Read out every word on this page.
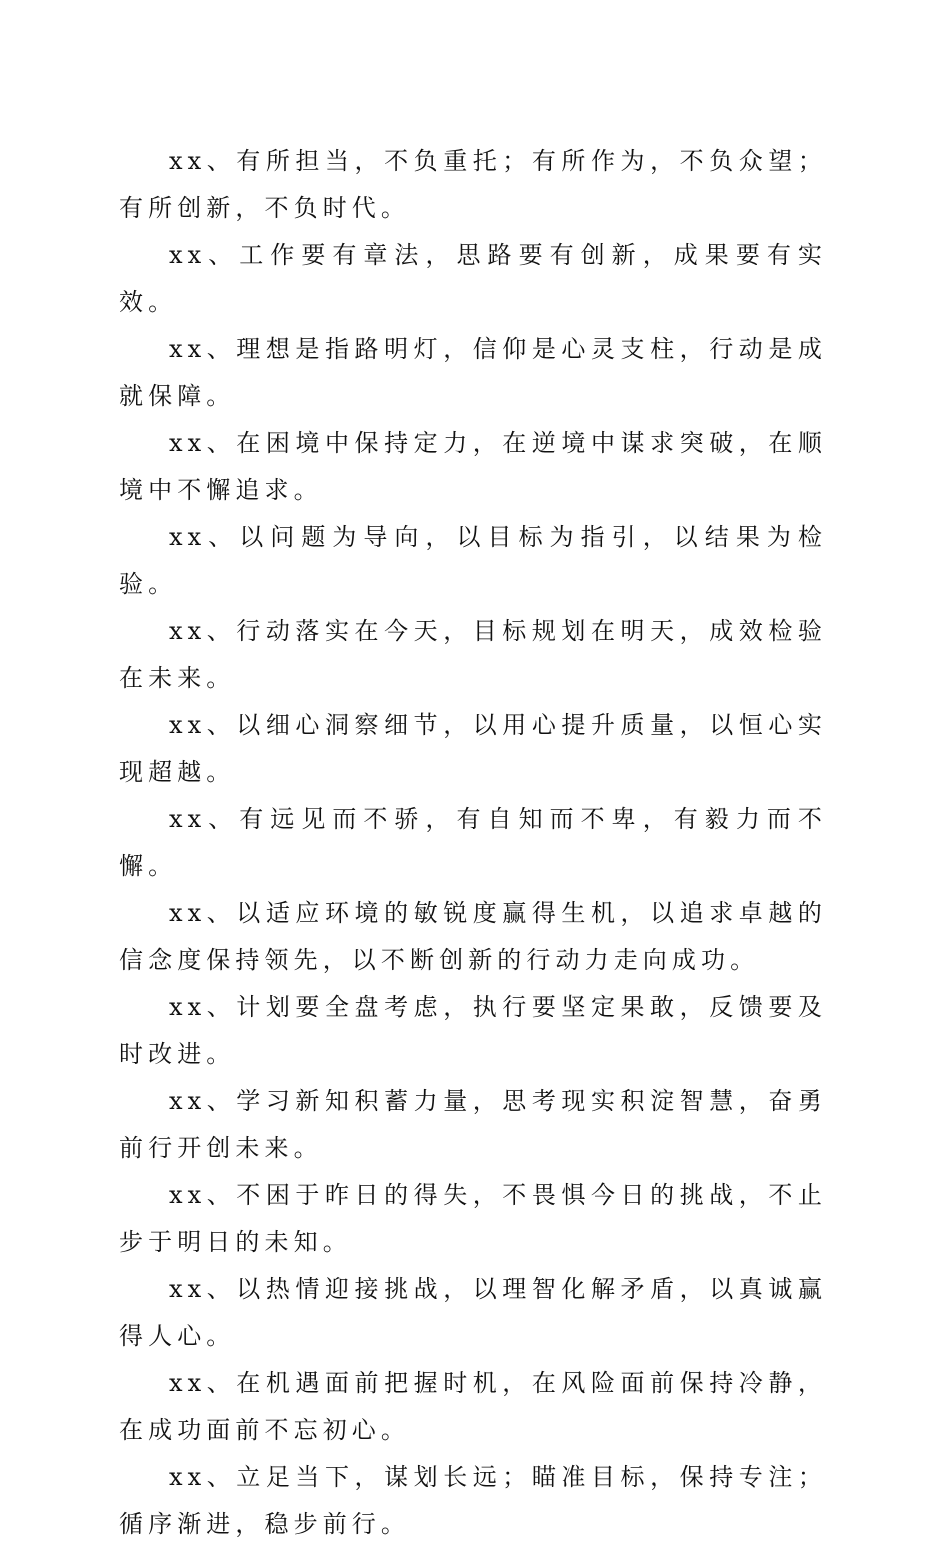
xx、有所担当，不负重托；有所作为，不负众望；有所创新，不负时代。

xx、工作要有章法，思路要有创新，成果要有实效。

xx、理想是指路明灯，信仰是心灵支柱，行动是成就保障。

xx、在困境中保持定力，在逆境中谋求突破，在顺境中不懈追求。

xx、以问题为导向，以目标为指引，以结果为检验。

xx、行动落实在今天，目标规划在明天，成效检验在未来。

xx、以细心洞察细节，以用心提升质量，以恒心实现超越。

xx、有远见而不骄，有自知而不卑，有毅力而不懈。

xx、以适应环境的敏锐度赢得生机，以追求卓越的信念度保持领先，以不断创新的行动力走向成功。

xx、计划要全盘考虑，执行要坚定果敢，反馈要及时改进。

xx、学习新知积蓄力量，思考现实积淀智慧，奋勇前行开创未来。

xx、不困于昨日的得失，不畏惧今日的挑战，不止步于明日的未知。

xx、以热情迎接挑战，以理智化解矛盾，以真诚赢得人心。

xx、在机遇面前把握时机，在风险面前保持冷静，在成功面前不忘初心。

xx、立足当下，谋划长远；瞄准目标，保持专注；循序渐进，稳步前行。
